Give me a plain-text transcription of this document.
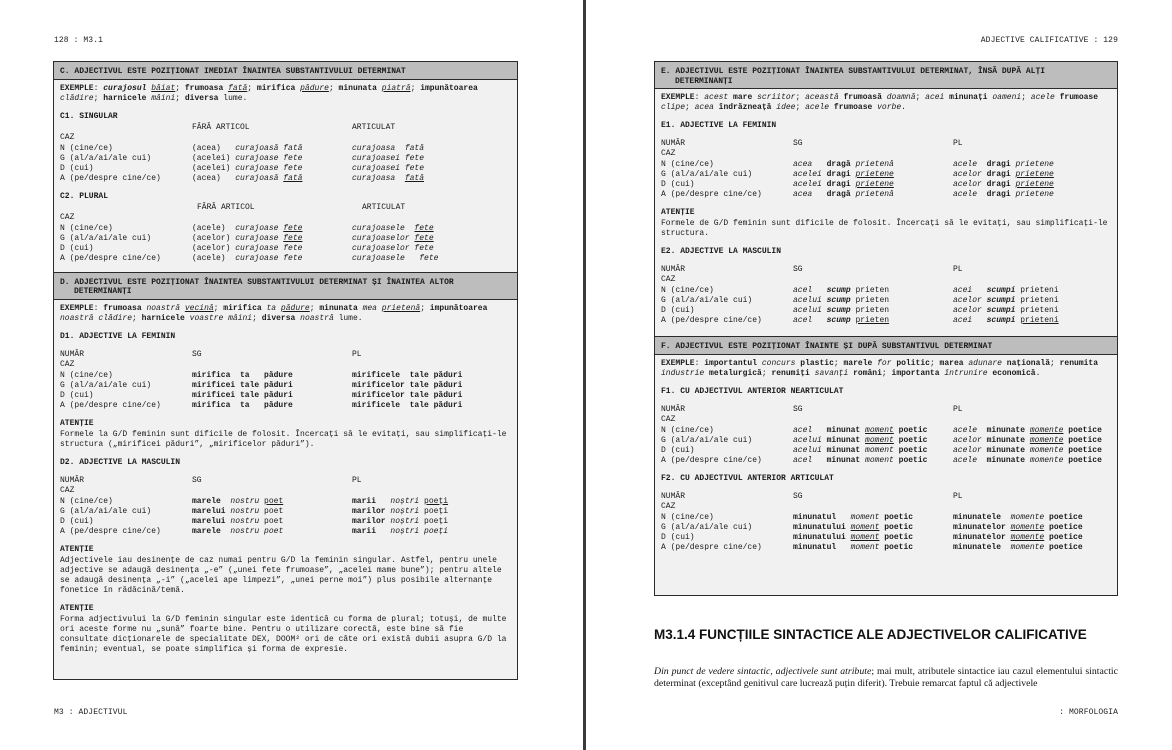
128 : M3.1
C. ADJECTIVUL ESTE POZIȚIONAT IMEDIAT ÎNAINTEA SUBSTANTIVULUI DETERMINAT

EXEMPLE: curajosul băiat; frumoasa fată; mirifica pădure; minunata piatră; impunătoarea clădire; harnicele mâini; diversa lume.

C1. SINGULAR
FĂRĂ ARTICOL	ARTICULAT
CAZ
N (cine/ce)	(acea) curajoasă fată	curajoasa fată
G (al/a/ai/ale cui)	(acelei) curajoase fete	curajoasei fete
D (cui)	(acelei) curajoase fete	curajoasei fete
A (pe/despre cine/ce)	(acea) curajoasă fată	curajoasa fată
C2. PLURAL
FĂRĂ ARTICOL	ARTICULAT
CAZ
N (cine/ce)	(acele) curajoase fete	curajoasele fete
G (al/a/ai/ale cui)	(acelor) curajoase fete	curajoaselor fete
D (cui)	(acelor) curajoase fete	curajoaselor fete
A (pe/despre cine/ce)	(acele) curajoase fete	curajoasele fete
D. ADJECTIVUL ESTE POZIȚIONAT ÎNAINTEA SUBSTANTIVULUI DETERMINAT ȘI ÎNAINTEA ALTOR
DETERMINANȚI

EXEMPLE: frumoasa noastră vecină; mirifica ta pădure; minunata mea prietenă; impunătoarea noastră clădire; harnicele voastre mâini; diversa noastră lume.

D1. ADJECTIVE LA FEMININ
NUMĂR	SG	PL
CAZ
N (cine/ce)	mirifica  ta   pădure	mirificele  tale păduri
G (al/a/ai/ale cui)	mirificei tale păduri	mirificelor tale păduri
D (cui)	mirificei tale păduri	mirificelor tale păduri
A (pe/despre cine/ce)	mirifica  ta   pădure	mirificele  tale păduri
ATENȚIE

Formele la G/D feminin sunt dificile de folosit. Încercați să le evitați, sau simplificați-le structura („mirificei păduri”, „mirificelor păduri”).

D2. ADJECTIVE LA MASCULIN
NUMĂR	SG	PL
CAZ
N (cine/ce)	marele nostru poet	marii noștri poeți
G (al/a/ai/ale cui)	marelui nostru poet	marilor noștri poeți
D (cui)	marelui nostru poet	marilor noștri poeți
A (pe/despre cine/ce)	marele nostru poet	marii noștri poeți
ATENȚIE

Adjectivele iau desinențe de caz numai pentru G/D la feminin singular. Astfel, pentru unele adjective se adaugă desinența „-e” („unei fete frumoase”, „acelei mame bune”); pentru altele se adaugă desinența „-i” („acelei ape limpezi”, „unei perne moi”) plus posibile alternanțe fonetice în rădăcină/temă.

ATENȚIE

Forma adjectivului la G/D feminin singular este identică cu forma de plural; totuși, de multe ori aceste forme nu „sună” foarte bine. Pentru o utilizare corectă, este bine să fie consultate dicționarele de specialitate DEX, DOOM² ori de câte ori există dubii asupra G/D la feminin; eventual, se poate simplifica și forma de expresie.

M3 : ADJECTIVUL
ADJECTIVE CALIFICATIVE : 129
E. ADJECTIVUL ESTE POZIȚIONAT ÎNAINTEA SUBSTANTIVULUI DETERMINAT, ÎNSĂ DUPĂ ALȚI
DETERMINANȚI

EXEMPLE: acest mare scriitor; această frumoasă doamnă; acei minunați oameni; acele frumoase clipe; acea îndrăzneață idee; acele frumoase vorbe.

E1. ADJECTIVE LA FEMININ
NUMĂR	SG	PL
CAZ
N (cine/ce)	acea dragă prietenă	acele dragi prietene
G (al/a/ai/ale cui)	acelei dragi prietene	acelor dragi prietene
D (cui)	acelei dragi prietene	acelor dragi prietene
A (pe/despre cine/ce)	acea dragă prietenă	acele dragi prietene
ATENȚIE

Formele de G/D feminin sunt dificile de folosit. Încercați să le evitați, sau simplificați-le structura.

E2. ADJECTIVE LA MASCULIN
NUMĂR	SG	PL
CAZ
N (cine/ce)	acel scump prieten	acei scumpi prieteni
G (al/a/ai/ale cui)	acelui scump prieten	acelor scumpi prieteni
D (cui)	acelui scump prieten	acelor scumpi prieteni
A (pe/despre cine/ce)	acel scump prieten	acei scumpi prieteni
F. ADJECTIVUL ESTE POZIȚIONAT ÎNAINTE ȘI DUPĂ SUBSTANTIVUL DETERMINAT

EXEMPLE: importantul concurs plastic; marele for politic; marea adunare națională; renumita industrie metalurgică; renumiți savanți români; importanta întrunire economică.

F1. CU ADJECTIVUL ANTERIOR NEARTICULAT
NUMĂR	SG	PL
CAZ
N (cine/ce)	acel minunat moment poetic	acele minunate momente poetice
G (al/a/ai/ale cui)	acelui minunat moment poetic	acelor minunate momente poetice
D (cui)	acelui minunat moment poetic	acelor minunate momente poetice
A (pe/despre cine/ce)	acel minunat moment poetic	acele minunate momente poetice
F2. CU ADJECTIVUL ANTERIOR ARTICULAT
NUMĂR	SG	PL
CAZ
N (cine/ce)	minunatul moment poetic	minunatele momente poetice
G (al/a/ai/ale cui)	minunatului moment poetic	minunatelor momente poetice
D (cui)	minunatului moment poetic	minunatelor momente poetice
A (pe/despre cine/ce)	minunatul moment poetic	minunatele momente poetice
: MORFOLOGIA
M3.1.4 FUNCȚIILE SINTACTICE ALE ADJECTIVELOR CALIFICATIVE
Din punct de vedere sintactic, adjectivele sunt atribute; mai mult, atributele sintactice iau cazul elementului sintactic determinat (exceptând genitivul care lucrează puțin diferit). Trebuie remarcat faptul că adjectivele
